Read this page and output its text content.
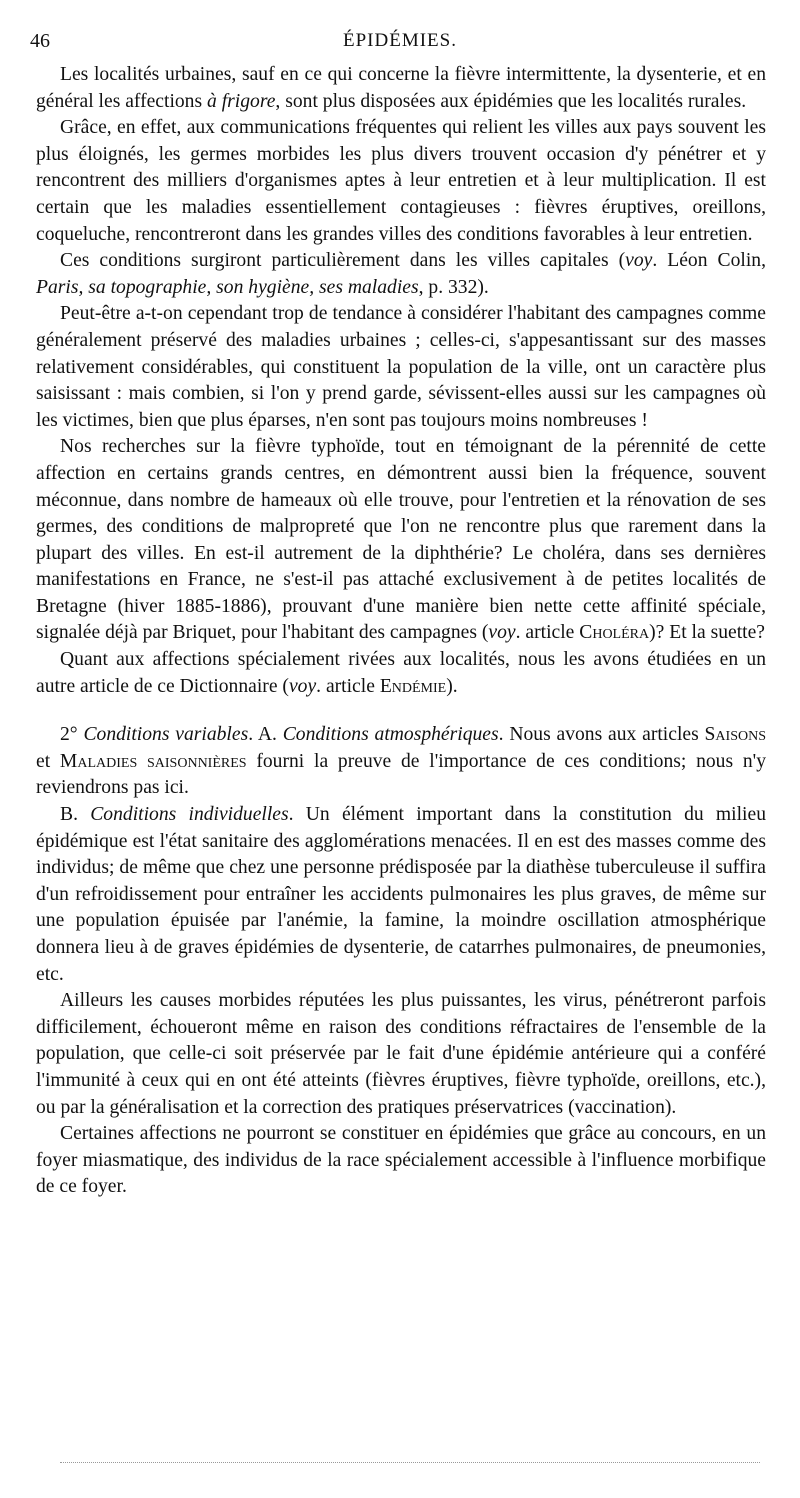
46	ÉPIDÉMIES.

Les localités urbaines, sauf en ce qui concerne la fièvre intermittente, la dysenterie, et en général les affections à frigore, sont plus disposées aux épidémies que les localités rurales.

Grâce, en effet, aux communications fréquentes qui relient les villes aux pays souvent les plus éloignés, les germes morbides les plus divers trouvent occasion d'y pénétrer et y rencontrent des milliers d'organismes aptes à leur entretien et à leur multiplication. Il est certain que les maladies essentiellement contagieuses : fièvres éruptives, oreillons, coqueluche, rencontreront dans les grandes villes des conditions favorables à leur entretien.

Ces conditions surgiront particulièrement dans les villes capitales (voy. Léon Colin, Paris, sa topographie, son hygiène, ses maladies, p. 332).

Peut-être a-t-on cependant trop de tendance à considérer l'habitant des campagnes comme généralement préservé des maladies urbaines ; celles-ci, s'appesantissant sur des masses relativement considérables, qui constituent la population de la ville, ont un caractère plus saisissant : mais combien, si l'on y prend garde, sévissent-elles aussi sur les campagnes où les victimes, bien que plus éparses, n'en sont pas toujours moins nombreuses !

Nos recherches sur la fièvre typhoïde, tout en témoignant de la pérennité de cette affection en certains grands centres, en démontrent aussi bien la fréquence, souvent méconnue, dans nombre de hameaux où elle trouve, pour l'entretien et la rénovation de ses germes, des conditions de malpropreté que l'on ne rencontre plus que rarement dans la plupart des villes. En est-il autrement de la diphthérie? Le choléra, dans ses dernières manifestations en France, ne s'est-il pas attaché exclusivement à de petites localités de Bretagne (hiver 1885-1886), prouvant d'une manière bien nette cette affinité spéciale, signalée déjà par Briquet, pour l'habitant des campagnes (voy. article Choléra)? Et la suette?

Quant aux affections spécialement rivées aux localités, nous les avons étudiées en un autre article de ce Dictionnaire (voy. article Endémie).

2° Conditions variables. A. Conditions atmosphériques. Nous avons aux articles Saisons et Maladies saisonnières fourni la preuve de l'importance de ces conditions; nous n'y reviendrons pas ici.

B. Conditions individuelles. Un élément important dans la constitution du milieu épidémique est l'état sanitaire des agglomérations menacées. Il en est des masses comme des individus; de même que chez une personne prédisposée par la diathèse tuberculeuse il suffira d'un refroidissement pour entraîner les accidents pulmonaires les plus graves, de même sur une population épuisée par l'anémie, la famine, la moindre oscillation atmosphérique donnera lieu à de graves épidémies de dysenterie, de catarrhes pulmonaires, de pneumonies, etc.

Ailleurs les causes morbides réputées les plus puissantes, les virus, pénétreront parfois difficilement, échoueront même en raison des conditions réfractaires de l'ensemble de la population, que celle-ci soit préservée par le fait d'une épidémie antérieure qui a conféré l'immunité à ceux qui en ont été atteints (fièvres éruptives, fièvre typhoïde, oreillons, etc.), ou par la généralisation et la correction des pratiques préservatrices (vaccination).

Certaines affections ne pourront se constituer en épidémies que grâce au concours, en un foyer miasmatique, des individus de la race spécialement accessible à l'influence morbifique de ce foyer.
